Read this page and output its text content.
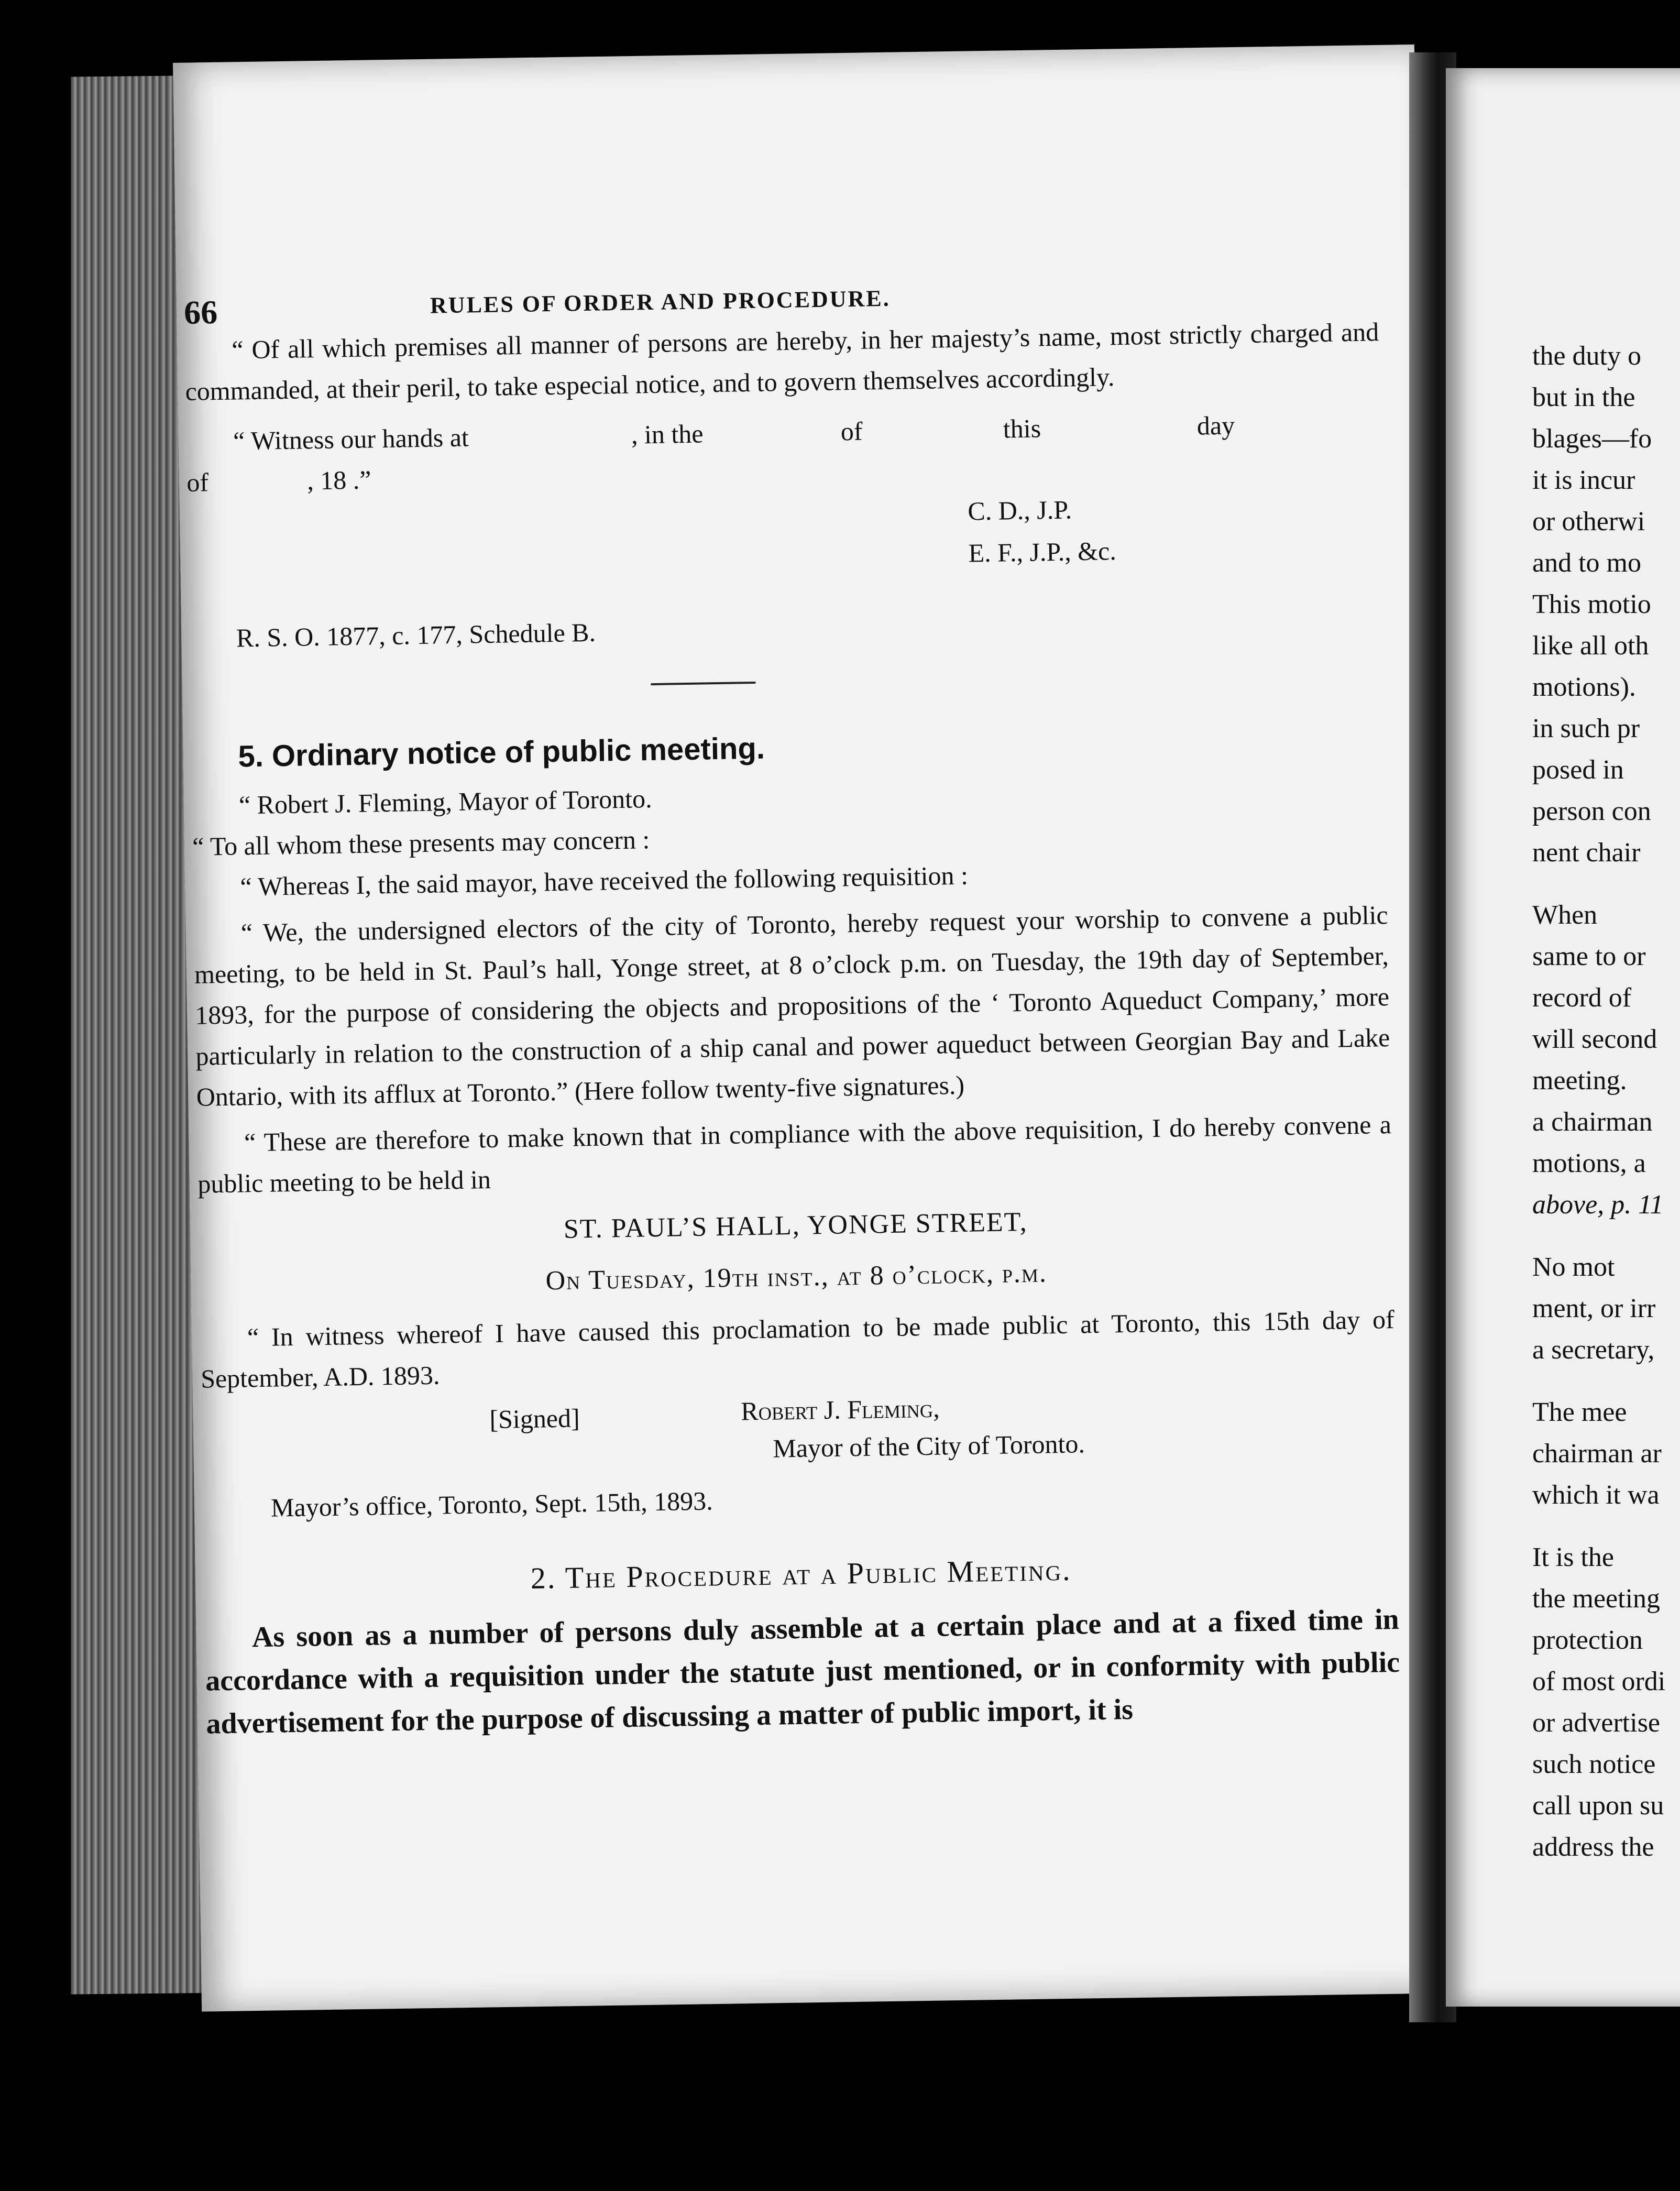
66	RULES OF ORDER AND PROCEDURE.

“ Of all which premises all manner of persons are hereby, in her majesty’s name, most strictly charged and commanded, at their peril, to take especial notice, and to govern themselves accordingly.

“ Witness our hands at	, in the	of	this	day
of	, 18 .”
C. D., J.P.
E. F., J.P., &c.
R. S. O. 1877, c. 177, Schedule B.
5. Ordinary notice of public meeting.

“ Robert J. Fleming, Mayor of Toronto.

“ To all whom these presents may concern :

“ Whereas I, the said mayor, have received the following requisition :

“ We, the undersigned electors of the city of Toronto, hereby request your worship to convene a public meeting, to be held in St. Paul’s hall, Yonge street, at 8 o’clock p.m. on Tuesday, the 19th day of September, 1893, for the purpose of considering the objects and propositions of the ‘ Toronto Aqueduct Company,’ more particularly in relation to the construction of a ship canal and power aqueduct between Georgian Bay and Lake Ontario, with its afflux at Toronto.” (Here follow twenty-five signatures.)

“ These are therefore to make known that in compliance with the above requisition, I do hereby convene a public meeting to be held in

ST. PAUL’S HALL, YONGE STREET,
On Tuesday, 19th inst., at 8 o’clock, p.m.

“ In witness whereof I have caused this proclamation to be made public at Toronto, this 15th day of September, A.D. 1893.

[Signed]	Robert J. Fleming,
Mayor of the City of Toronto.
Mayor’s office, Toronto, Sept. 15th, 1893.
2. The Procedure at a Public Meeting.

As soon as a number of persons duly assemble at a certain place and at a fixed time in accordance with a requisition under the statute just mentioned, or in conformity with public advertisement for the purpose of discussing a matter of public import, it is

the duty o
but in the
blages—fo
it is incur
or otherwi
and to mo
This motio
like all oth
motions).
in such pr
posed in
person con
nent chair
When
same to or
record of
will second
meeting.
a chairman
motions, a
above, p. 11
No mot
ment, or irr
a secretary,
The mee
chairman ar
which it wa
It is the
the meeting
protection
of most ordi
or advertise
such notice
call upon su
address the
